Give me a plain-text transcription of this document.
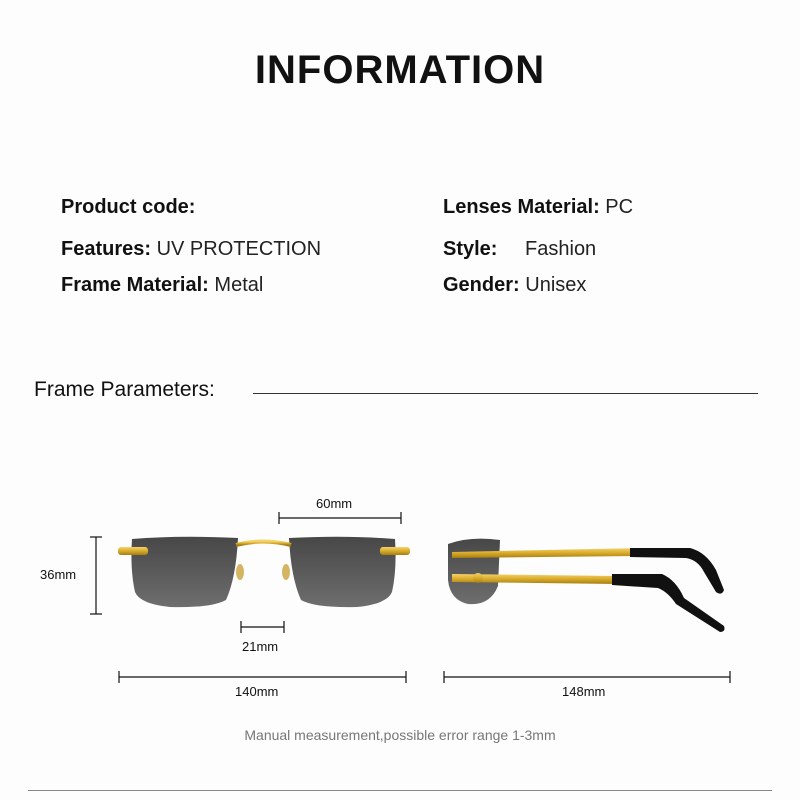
INFORMATION
Product code:
Features: UV PROTECTION
Frame Material: Metal
Lenses Material: PC
Style: Fashion
Gender: Unisex
Frame Parameters:
60mm
36mm
21mm
140mm	148mm
Manual measurement,possible error range 1-3mm
